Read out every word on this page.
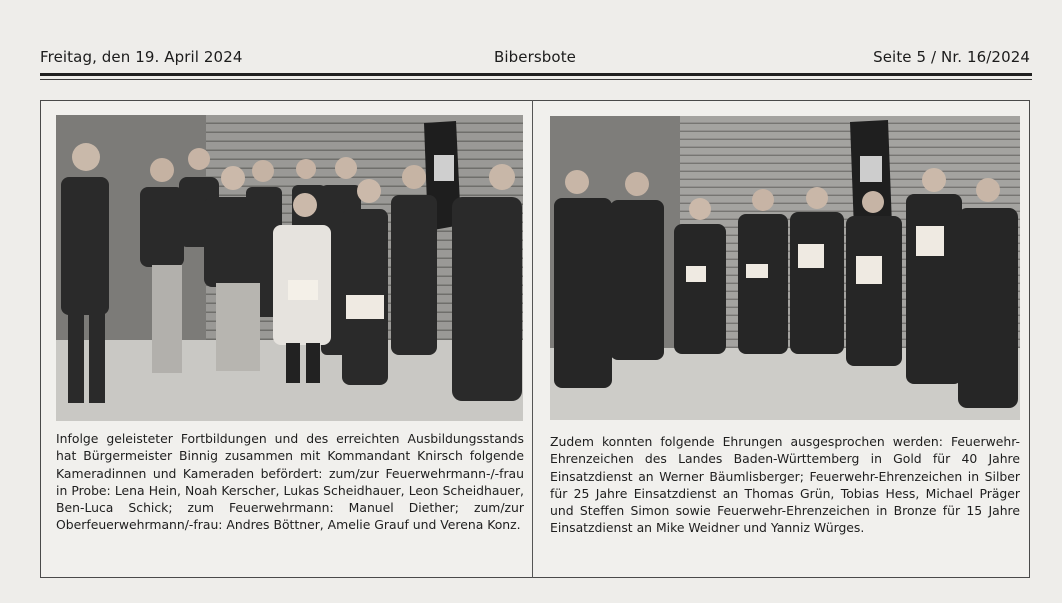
Freitag, den 19. April 2024	Bibersbote	Seite 5 / Nr. 16/2024

Infolge geleisteter Fortbildungen und des erreichten Ausbildungsstands hat Bürgermeister Binnig zusammen mit Kommandant Knirsch folgende Kameradinnen und Kameraden befördert: zum/zur Feuerwehrmann-/-frau in Probe: Lena Hein, Noah Kerscher, Lukas Scheidhauer, Leon Scheidhauer, Ben-Luca Schick; zum Feuerwehrmann: Manuel Diether; zum/zur Oberfeuerwehrmann/-frau: Andres Böttner, Amelie Grauf und Verena Konz.

Zudem konnten folgende Ehrungen ausgesprochen werden: Feuerwehr-Ehrenzeichen des Landes Baden-Württemberg in Gold für 40 Jahre Einsatzdienst an Werner Bäumlisberger; Feuerwehr-Ehrenzeichen in Silber für 25 Jahre Einsatzdienst an Thomas Grün, Tobias Hess, Michael Präger und Steffen Simon sowie Feuerwehr-Ehrenzeichen in Bronze für 15 Jahre Einsatzdienst an Mike Weidner und Yanniz Würges.
